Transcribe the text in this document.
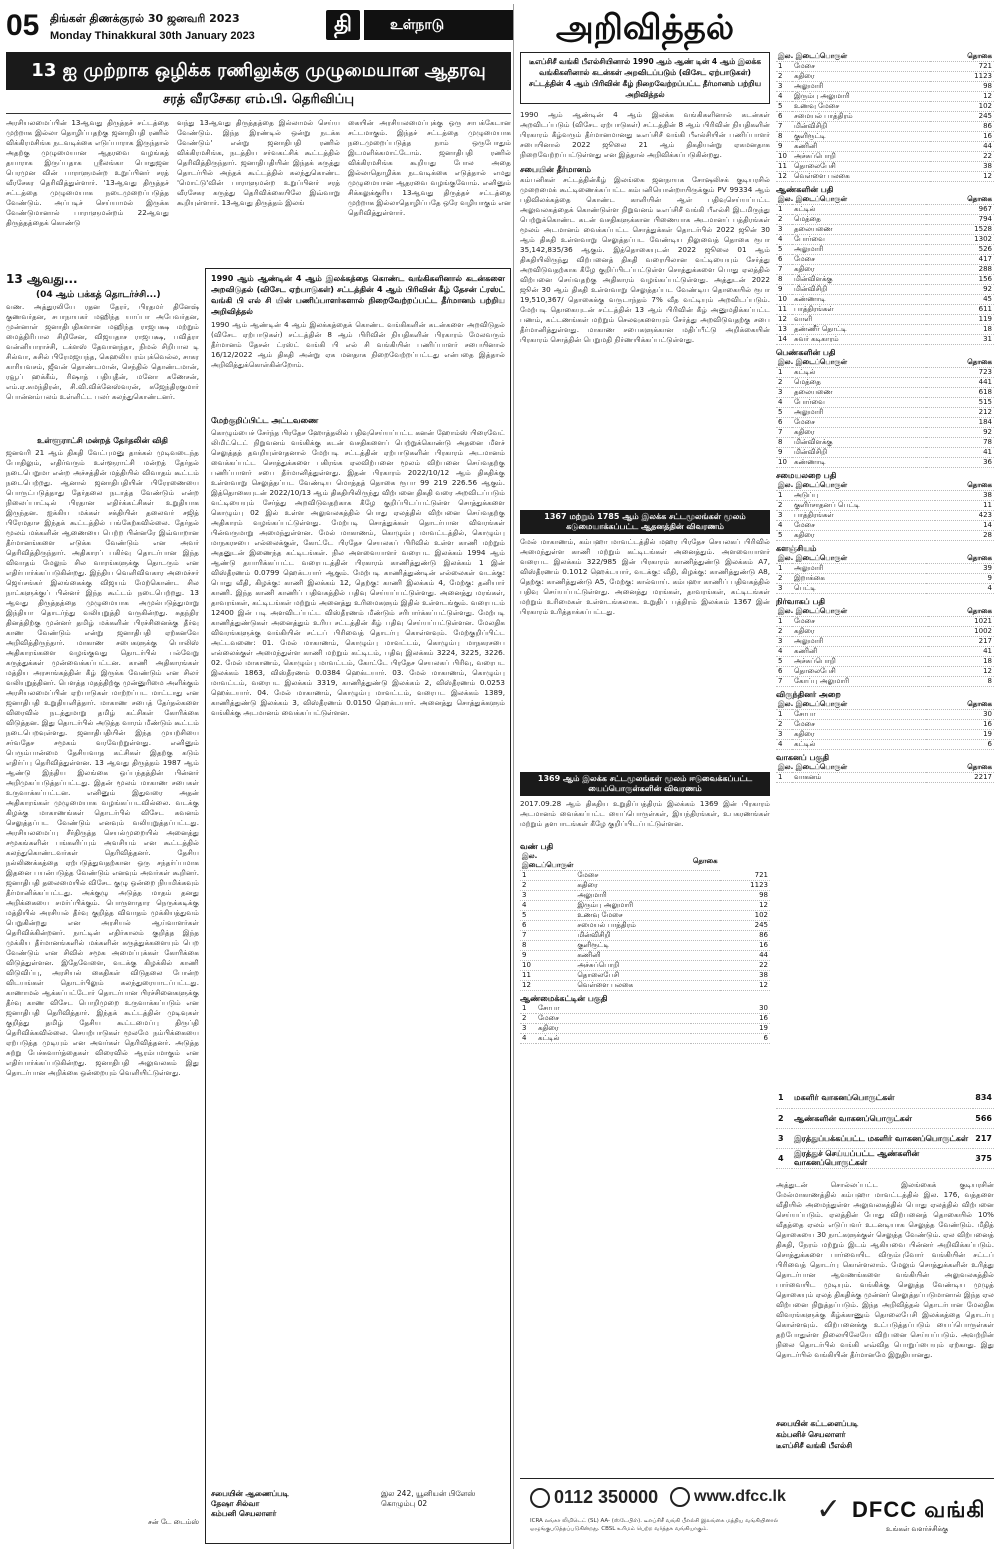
05 திங்கள் திணக்குரல் 30 ஜனவரி 2023
Monday Thinakkural 30th January 2023	தி	உள்நாடு
13 ஐ முற்றாக ஒழிக்க ரணிலுக்கு முழுமையான ஆதரவு
சரத் வீரசேகர எம்.பி. தெரிவிப்பு
அரசியலமைப்பின் 13ஆவது திருத்தச் சட்டத்தை முற்றாக இல்லா தொழிப்பதற்கு ஜனாதிபதி ரணில் விக்கிரமசிங்க நடவடிக்கை எடுப்பாராக இருந்தால் அதற்கு முழுமையான ஆதரவை வழங்கத் தயாராக இருப்பதாக ஸ்ரீலங்கா பொதுஜன பெரமுன வின் பாராளுமன்ற உறுப்பினர் சரத் வீரசேகர தெரிவித்துள்ளார். '13ஆவது திருத்தச் சட்டத்தை முழுமையாக நடைமுறைப்படுத்த வேண்டும். அப்படிச் செய்யாமல் இருக்க வேண்டுமானால் பாராளுமன்றம் 22ஆவது திருத்தத்தைக் கொண்டு
வந்து 13ஆவது திருத்தத்தை இல்லாமல் செய்ய வேண்டும். இந்த இரண்டில் ஒன்று நடக்க வேண்டும்' என்று ஜனாதிபதி ரணில் விக்கிரமசிங்க, நடத்திய சர்வகட்சிக் கூட்டத்தில் தெரிவித்திருந்தார். ஜனாதிபதியின் இந்தக் கருத்து தொடர்பில் அந்தக் கூட்டத்தில் கலந்துகொண்ட 'மொட்டு'வின் பாராளுமன்ற உறுப்பினர் சரத் வீரசேகர கருத்து தெரிவிக்கையிலே இவ்வாறு கூறியுள்ளார். 13ஆவது திருத்தம் இலங்
கையின் அரசியலமைப்புக்கு ஒரு சாபக்கேடான சட்டமாகும். இந்தச் சட்டத்தை முழுமையாக நடைமுறைப்படுத்த நாம் ஒருபோதும் இடமளிக்கமாட்டோம். ஜனாதிபதி ரணில் விக்கிரமசிங்க கூறியது போல அதை இல்லாதொழிக்க நடவடிக்கை எடுத்தால் எமது முழுமையான ஆதரவை வழங்குவோம். எனினும் சிக்கலுக்குரிய 13ஆவது திருத்தச் சட்டத்தை முற்றாக இல்லாதொழிப்பதே ஒரே வழியாகும் என தெரிவித்துள்ளார்.
13 ஆவது...
(04 ஆம் பக்கத் தொடர்ச்சி...)
வண. அத்துரலியே ரதன தேரர், பிரதமர் தினேஷ் குணவர்தன, சபாநாயகர் மஹிந்த யாப்பா அபேவர்தன, முன்னாள் ஜனாதிபதிகளான மஹிந்த ராஜபக்ஷ மற்றும் மைத்திரிபால சிறிசேன, விஜயதாச ராஜபக்ஷ, பவித்ரா வன்னியாராச்சி, டக்ளஸ் தேவானந்தா, நிமல் சிறிபால டி சில்வா, சுசில் பிரேமஜயந்த, கெஹலிய ரம்புக்வெல்ல, சாகர காரியவசம், ஜீவன் தொண்டமான், செந்தில் தொண்டமான், ரவூப் ஹக்கீம், ரிஷாத் பதியுதீன், மனோ கணேசன், எம்.ஏ.சுமந்திரன், சி.வி.விக்னேஸ்வரன், கஜேந்திரகுமார் பொன்னம்பலம் உள்ளிட்ட பலர் கலந்துகொண்டனர்.
உள்ளூராட்சி மன்றத் தேர்தலின் விதி
ஜனவரி 21 ஆம் திகதி வேட்புமனு தாக்கல் முடிவடைந்த போதிலும், எதிர்வரும் உள்ளூராட்சி மன்றத் தேர்தல் நடைபெறுமா என்ற அச்சத்தின் மத்தியில் விவாதம் கூட்டம் நடைபெற்றது. ஆனால் ஜனாதிபதியின் பிரேரணையை பொருட்படுத்தாது தேர்தலை நடாத்த வேண்டும் என்ற நிலைப்பாட்டில் பிரதான எதிர்க்கட்சிகள் உறுதியாக இருந்தன. ஐக்கிய மக்கள் சக்தியின் தலைவர் சஜித் பிரேமதாச இந்தக் கூட்டத்தில் பங்கேற்கவில்லை. தேர்தல் மூலம் மக்களின் ஆணையை பெற்ற பின்னரே இவ்வாறான தீர்மானங்களை எடுக்க வேண்டும் என அவர் தெரிவித்திருந்தார். அதிகாரப் பகிர்வு தொடர்பான இந்த விவாதம் மேலும் சில வாரங்களுக்கு தொடரும் என எதிர்பார்க்கப்படுகின்றது. இந்திய வெளிவிவகார அமைச்சர் ஜெய்சங்கர் இலங்கைக்கு விஜயம் மேற்கொண்ட சில நாட்களுக்குப் பின்னர் இந்த கூட்டம் நடைபெற்றது. 13 ஆவது திருத்தத்தை முழுமையாக அமுல்படுத்துமாறு இந்தியா தொடர்ந்து வலியுறுத்தி வருகின்றது. சுதந்திர தினத்திற்கு முன்னர் தமிழ் மக்களின் பிரச்சினைக்கு தீர்வு காண வேண்டும் என்று ஜனாதிபதி ஏற்கனவே அறிவித்திருந்தார். மாகாண சபைகளுக்கு பொலிஸ் அதிகாரங்களை வழங்குவது தொடர்பில் பல்வேறு கருத்துக்கள் முன்வைக்கப்பட்டன. காணி அதிகாரங்கள் மத்திய அரசாங்கத்தின் கீழ் இருக்க வேண்டும் என சிலர் வலியுறுத்தினர். பௌத்த மதத்திற்கு முன்னுரிமை அளிக்கும் அரசியலமைப்பின் ஏற்பாடுகள் மாற்றப்பட மாட்டாது என ஜனாதிபதி உறுதியளித்தார். மாகாண சபைத் தேர்தல்களை விரைவில் நடத்துமாறு தமிழ் கட்சிகள் கோரிக்கை விடுத்தன. இது தொடர்பில் அடுத்த வாரம் மீண்டும் கூட்டம் நடைபெறவுள்ளது. ஜனாதிபதியின் இந்த முயற்சியை சர்வதேச சமூகம் வரவேற்றுள்ளது. எனினும் பெரும்பான்மை தேசியவாத கட்சிகள் இதற்கு கடும் எதிர்ப்பு தெரிவித்துள்ளன. 13 ஆவது திருத்தம் 1987 ஆம் ஆண்டு இந்திய இலங்கை ஒப்பந்தத்தின் பின்னர் அறிமுகப்படுத்தப்பட்டது. இதன் மூலம் மாகாண சபைகள் உருவாக்கப்பட்டன. எனினும் இதுவரை அதன் அதிகாரங்கள் முழுமையாக வழங்கப்படவில்லை. வடக்கு கிழக்கு மாகாணங்கள் தொடர்பில் விசேட கவனம் செலுத்தப்பட வேண்டும் எனவும் வலியுறுத்தப்பட்டது. அரசியலமைப்பு சீர்திருத்த செயல்முறையில் அனைத்து சமூகங்களின் பங்களிப்பும் அவசியம் என கூட்டத்தில் கலந்துகொண்டவர்கள் தெரிவித்தனர். தேசிய நல்லிணக்கத்தை ஏற்படுத்துவதற்கான ஒரு சந்தர்ப்பமாக இதனை பயன்படுத்த வேண்டும் எனவும் அவர்கள் கூறினர். ஜனாதிபதி தலைமையில் விசேட குழு ஒன்றை நியமிக்கவும் தீர்மானிக்கப்பட்டது. அக்குழு அடுத்த மாதம் தனது அறிக்கையை சமர்ப்பிக்கும். பொருளாதார நெருக்கடிக்கு மத்தியில் அரசியல் தீர்வு குறித்த விவாதம் முக்கியத்துவம் பெறுகின்றது என அரசியல் ஆய்வாளர்கள் தெரிவிக்கின்றனர். நாட்டின் எதிர்காலம் குறித்த இந்த முக்கிய தீர்மானங்களில் மக்களின் கருத்துக்களையும் பெற வேண்டும் என சிவில் சமூக அமைப்புக்கள் கோரிக்கை விடுத்துள்ளன. இதேவேளை, வடக்கு கிழக்கில் காணி விடுவிப்பு, அரசியல் கைதிகள் விடுதலை போன்ற விடயங்கள் தொடர்பிலும் கலந்துரையாடப்பட்டது. காணாமல் ஆக்கப்பட்டோர் தொடர்பான பிரச்சினைகளுக்கு தீர்வு காண விசேட பொறிமுறை உருவாக்கப்படும் என ஜனாதிபதி தெரிவித்தார். இந்தக் கூட்டத்தின் முடிவுகள் குறித்து தமிழ் தேசிய கூட்டமைப்பு திருப்தி தெரிவிக்கவில்லை. செயற்பாடுகள் மூலமே நம்பிக்கையை ஏற்படுத்த முடியும் என அவர்கள் தெரிவித்தனர். அடுத்த சுற்று பேச்சுவார்த்தைகள் விரைவில் ஆரம்பமாகும் என எதிர்பார்க்கப்படுகின்றது. ஜனாதிபதி அலுவலகம் இது தொடர்பான அறிக்கை ஒன்றையும் வெளியிட்டுள்ளது.
சன் டே டைம்ஸ்
1990 ஆம் ஆண்டின் 4 ஆம் இலக்கத்தை கொண்ட வங்கிகளினால் கடன்களை அறவிடுதல் (விசேட ஏற்பாடுகள்) சட்டத்தின் 4 ஆம் பிரிவின் கீழ் தேசன் ட்ரஸ்ட் வங்கி பி எல் சி யின் பணிப்பாளர்களால் நிறைவேற்றப்பட்ட தீர்மானம் பற்றிய அறிவித்தல்
1990 ஆம் ஆண்டின் 4 ஆம் இலக்கத்தைக் கொண்ட வங்கிகளின் கடன்களை அறவிடுதல் (விசேட ஏற்பாடுகள்) சட்டத்தின் 8 ஆம் பிரிவின் நியதிகளின் பிரகாரம் மேலவரும் தீர்மானம் தேசன் ட்ரஸ்ட் வங்கி பி எல் சி வங்கியின் பணிப்பாளர் சபையினால் 16/12/2022 ஆம் திகதி அன்று ஏக மனதாக நிறைவேற்றப்பட்டது என்பதை இத்தால் அறிவித்துக்கொள்கின்றோம்.
மேற்குறிப்பிட்ட அட்டவணை
கொழும்பைச் சேர்ந்த பிரதேச ஹோத்தலில் பதிவுசெய்யப்பட்ட கனன் ஹோம்ஸ் பிரைவேட் லிமிட்டெட் நிறுவனம் வங்கிக்கு கடன் வசதிகளைப் பெற்றுக்கொண்டு அதனை மீளச் செலுத்தத் தவறியுள்ளதனால் மேற்படி சட்டத்தின் ஏற்பாடுகளின் பிரகாரம் அடமானம் வைக்கப்பட்ட சொத்துக்களை பகிரங்க ஏலவிற்பனை மூலம் விற்பனை செய்வதற்கு பணிப்பாளர் சபை தீர்மானித்துள்ளது. இதன் பிரகாரம் 2022/10/12 ஆம் திகதிக்கு உள்ளவாறு செலுத்தப்பட வேண்டிய மொத்தத் தொகை ரூபா 99 219 226.56 ஆகும். இத்தொகையுடன் 2022/10/13 ஆம் திகதியிலிருந்து விற்பனை திகதி வரை அறவிடப்படும் வட்டியையும் சேர்த்து அறவிடுவதற்காக கீழே குறிப்பிடப்பட்டுள்ள சொத்துக்களை கொழும்பு 02 இல் உள்ள அலுவலகத்தில் பொது ஏலத்தில் விற்பனை செய்வதற்கு அதிகாரம் வழங்கப்பட்டுள்ளது. மேற்படி சொத்துக்கள் தொடர்பான விவரங்கள் பின்வருமாறு அமைந்துள்ளன. மேல் மாகாணம், கொழும்பு மாவட்டத்தில், கொழும்பு மாநகரசபை எல்லைக்குள், கோட்டே பிரதேச செயலகப் பிரிவில் உள்ள காணி மற்றும் அதனுடன் இணைந்த கட்டிடங்கள். நில அளவையாளர் வரைபட இலக்கம் 1994 ஆம் ஆண்டு தயாரிக்கப்பட்ட வரைபடத்தின் பிரகாரம் காணித்துண்டு இலக்கம் 1 இன் விஸ்தீரணம் 0.0799 ஹெக்டயார் ஆகும். மேற்படி காணித்துண்டின் எல்லைகள் வடக்கு: பொது வீதி, கிழக்கு: காணி இலக்கம் 12, தெற்கு: காணி இலக்கம் 4, மேற்கு: தனியார் காணி. இந்த காணி காணிப் பதிவகத்தில் பதிவு செய்யப்பட்டுள்ளது. அனைத்து மரங்கள், தாவரங்கள், கட்டிடங்கள் மற்றும் அனைத்து உரிமைகளும் இதில் உள்ளடங்கும். வரைபடம் 12400 இன் படி அளவிடப்பட்ட விஸ்தீரணம் மீண்டும் சரிபார்க்கப்பட்டுள்ளது. மேற்படி காணித்துண்டுகள் அனைத்தும் உரிய சட்டத்தின் கீழ் பதிவு செய்யப்பட்டுள்ளன. மேலதிக விவரங்களுக்கு வங்கியின் சட்டப் பிரிவைத் தொடர்பு கொள்ளவும். மேற்குறிப்பிட்ட அட்டவணை: 01. மேல் மாகாணம், கொழும்பு மாவட்டம், கொழும்பு மாநகரசபை எல்லைக்குள் அமைந்துள்ள காணி மற்றும் கட்டிடம், பதிவு இலக்கம் 3224, 3225, 3226. 02. மேல் மாகாணம், கொழும்பு மாவட்டம், கோட்டே பிரதேச செயலகப் பிரிவு, வரைபட இலக்கம் 1863, விஸ்தீரணம் 0.0384 ஹெக்டயார். 03. மேல் மாகாணம், கொழும்பு மாவட்டம், வரைபட இலக்கம் 3319, காணித்துண்டு இலக்கம் 2, விஸ்தீரணம் 0.0253 ஹெக்டயார். 04. மேல் மாகாணம், கொழும்பு மாவட்டம், வரைபட இலக்கம் 1389, காணித்துண்டு இலக்கம் 3, விஸ்தீரணம் 0.0150 ஹெக்டயார். அனைத்து சொத்துக்களும் வங்கிக்கு அடமானம் வைக்கப்பட்டுள்ளன.
சபையின் ஆணைப்படி
தேஷா சில்வா
கம்பனி செயலாளர்
இல 242, யூனியன் பிளேஸ்
கொழும்பு 02
அறிவித்தல்
டீஎப்சிசீ வங்கி பீஎல்சியினால் 1990 ஆம் ஆண் டின் 4 ஆம் இலக்க வங்கிகளினால் கடன்கள் அறவிடப்படும் (விசேட ஏற்பாடுகள்) சட்டத்தின் 4 ஆம் பிரிவின் கீழ் நிறைவேற்றப்பட்ட தீர்மானம் பற்றிய அறிவித்தல்
1990 ஆம் ஆண்டின் 4 ஆம் இலக்க வங்கிகளினால் கடன்கள் அறவிடப்படும் (விசேட ஏற்பாடுகள்) சட்டத்தின் 8 ஆம் பிரிவின் நியதிகளின் பிரகாரம் கீழ்வரும் தீர்மானமானது டீஎப்சிசீ வங்கி பீஎல்சியின் பணிப்பாளர் சபையினால் 2022 ஜூலை 21 ஆம் திகதியன்று ஏகமனதாக நிறைவேற்றப்பட்டுள்ளது என இத்தால் அறிவிக்கப்படுகின்றது.
சபையின் தீர்மானம்
கம்பனிகள் சட்டத்தின்கீழ் இலங்கை ஜனநாயக சோஷலிசக் குடியரசில் முறைமைக் கூட்டிணைக்கப்பட்ட கம்பனியொன்றாயிருக்கும் PV 99334 ஆம் பதிவிலக்கத்தை கொண்ட காளியின் ஆள் பதிவுசெய்யப்பட்ட அலுவலகத்தைக் கொண்டுள்ள நிறுவனம் டீஎப்சிசீ வங்கி பீஎல்சி இடமிருந்து பெற்றுக்கொண்ட கடன் வசதிகளுக்கான பிணையாக அடமானப் பத்திரங்கள் மூலம் அடமானம் வைக்கப்பட்ட சொத்துக்கள் தொடர்பில் 2022 ஜூன் 30 ஆம் திகதி உள்ளவாறு செலுத்தப்பட வேண்டிய நிலுவைத் தொகை ரூபா 35,142,835/36 ஆகும். இத்தொகையுடன் 2022 ஜூலை 01 ஆம் திகதியிலிருந்து விற்பனைத் திகதி வரையிலான வட்டியையும் சேர்த்து அறவிடுவதற்காக கீழே குறிப்பிடப்பட்டுள்ள சொத்துக்களை பொது ஏலத்தில் விற்பனை செய்வதற்கு அதிகாரம் வழங்கப்பட்டுள்ளது. அத்துடன் 2022 ஜூன் 30 ஆம் திகதி உள்ளவாறு செலுத்தப்பட வேண்டிய தொகையில் ரூபா 19,510,367/ தொகைக்கு வருடாந்தம் 7% வீத வட்டியும் அறவிடப்படும். மேற்படி தொகையுடன் சட்டத்தின் 13 ஆம் பிரிவின் கீழ் அனுமதிக்கப்பட்ட பணம், கட்டணங்கள் மற்றும் செலவுகளையும் சேர்த்து அறவிடுவதற்கு சபை தீர்மானித்துள்ளது. மாகாண சபைகளுக்கான மதிப்பீட்டு அறிக்கையின் பிரகாரம் சொத்தின் பெறுமதி நிர்ணயிக்கப்பட்டுள்ளது.
1367 மற்றும் 1785 ஆம் இலக்க சட்டமூலங்கள் மூலம் கடுமையாக்கப்பட்ட ஆதனத்தின் விவரணம்
மேல் மாகாணம், கம்பஹா மாவட்டத்தில் மஹர பிரதேச செயலகப் பிரிவில் அமைந்துள்ள காணி மற்றும் கட்டிடங்கள் அனைத்தும். அளவையாளர் வரைபட இலக்கம் 322/985 இன் பிரகாரம் காணித்துண்டு இலக்கம் A7, விஸ்தீரணம் 0.1012 ஹெக்டயார், வடக்கு: வீதி, கிழக்கு: காணித்துண்டு A8, தெற்கு: காணித்துண்டு A5, மேற்கு: கால்வாய். கம்பஹா காணிப் பதிவகத்தில் பதிவு செய்யப்பட்டுள்ளது. அனைத்து மரங்கள், தாவரங்கள், கட்டிடங்கள் மற்றும் உரிமைகள் உள்ளடங்கலாக. உறுதிப் பத்திரம் இலக்கம் 1367 இன் பிரகாரம் உரித்தாக்கப்பட்டது.
1369 ஆம் இலக்க சட்டமூலங்கள் மூலம் ஈடுவைக்கப்பட்ட யைப்பொருள்களின் விவரணம்
2017.09.28 ஆம் திகதிய உறுதிப்பத்திரம் இலக்கம் 1369 இன் பிரகாரம் அடமானம் வைக்கப்பட்ட யைப்பொருள்கள், இயந்திரங்கள், உபகரணங்கள் மற்றும் தளபாடங்கள் கீழே குறிப்பிடப்பட்டுள்ளன.
வண் பதி
இல. இடைப்பொருள்	தொகை	
1	மேசை	721
2	கதிரை	1123
3	அலுமாரி	98
4	இரும்பு அலுமாரி	12
5	உணவு மேசை	102
6	சமையல் பாத்திரம்	245
7	மின்விசிறி	86
8	குளிரூட்டி	16
9	கணினி	44
10	அச்சுப்பொறி	22
11	தொலைபேசி	38
12	வெள்ளை பலகை	12
ஆண்மைக்கட்டின் பகுதி
1	சோபா	30
2	மேசை	16
3	கதிரை	19
4	கட்டில்	6
இல. இடைப்பொருள்		தொகை
1	மேசை	721
2	கதிரை	1123
3	அலுமாரி	98
4	இரும்பு அலுமாரி	12
5	உணவு மேசை	102
6	சமையல் பாத்திரம்	245
7	மின்விசிறி	86
8	குளிரூட்டி	16
9	கணினி	44
10	அச்சுப்பொறி	22
11	தொலைபேசி	38
12	வெள்ளை பலகை	12
ஆண்களின் பதி
இல. இடைப்பொருள்		தொகை
1	கட்டில்	967
2	மெத்தை	794
3	தலையணை	1528
4	போர்வை	1302
5	அலுமாரி	526
6	மேசை	417
7	கதிரை	288
8	மின்விளக்கு	156
9	மின்விசிறி	92
10	கண்ணாடி	45
11	பாத்திரங்கள்	611
12	வாளி	119
13	தண்ணீர் தொட்டி	18
14	சுவர் கடிகாரம்	31
பெண்களின் பதி
இல. இடைப்பொருள்		தொகை
1	கட்டில்	723
2	மெத்தை	441
3	தலையணை	618
4	போர்வை	515
5	அலுமாரி	212
6	மேசை	184
7	கதிரை	92
8	மின்விளக்கு	78
9	மின்விசிறி	41
10	கண்ணாடி	36
சமையலறை பதி
இல. இடைப்பொருள்		தொகை
1	அடுப்பு	38
2	குளிர்சாதனப் பெட்டி	11
3	பாத்திரங்கள்	423
4	மேசை	14
5	கதிரை	28
களஞ்சியம்
இல. இடைப்பொருள்		தொகை
1	அலுமாரி	39
2	இறாக்கை	9
3	பெட்டி	4
நிர்வாகப் பதி
இல. இடைப்பொருள்		தொகை
1	மேசை	1021
2	கதிரை	1002
3	அலுமாரி	217
4	கணினி	41
5	அச்சுப்பொறி	18
6	தொலைபேசி	12
7	கோப்பு அலுமாரி	8
விருந்தினர் அறை
இல. இடைப்பொருள்		தொகை
1	சோபா	30
2	மேசை	16
3	கதிரை	19
4	கட்டில்	6
வாகனப் பகுதி
இல. இடைப்பொருள்		தொகை
1	வாகனம்	2217
1	மகளிர் வாகனப்பொருட்கள்	834
2	ஆண்களின் வாகனப்பொருட்கள்	566
3	இரத்துப்பக்கப்பட்ட மகளிர் வாகனப்பொருட்கள்	217
4	இரத்துச் செய்யப்பட்ட ஆண்களின் வாகனப்பொருட்கள்	375
அத்துடன் சொல்லப்பட்ட இலங்கைக் குடியரசின் மேல்மாகாணத்தில் கம்பஹா மாவட்டத்தில் இல. 176, வத்தளை வீதியில் அமைந்துள்ள அலுவலகத்தில் பொது ஏலத்தில் விற்பனை செய்யப்படும். ஏலத்தின் போது விற்பனைத் தொகையில் 10% வீதத்தை ஏலம் எடுப்பவர் உடனடியாக செலுத்த வேண்டும். மீதித் தொகையை 30 நாட்களுக்குள் செலுத்த வேண்டும். ஏல விற்பனைத் திகதி, நேரம் மற்றும் இடம் ஆகியவை பின்னர் அறிவிக்கப்படும். சொத்துக்களை பார்வையிட விரும்புவோர் வங்கியின் சட்டப் பிரிவைத் தொடர்பு கொள்ளலாம். மேலும் சொத்துக்களின் உரித்து தொடர்பான ஆவணங்களை வங்கியின் அலுவலகத்தில் பார்வையிட முடியும். வங்கிக்கு செலுத்த வேண்டிய முழுத் தொகையும் ஏலத் திகதிக்கு முன்னர் செலுத்தப்படுமானால் இந்த ஏல விற்பனை நிறுத்தப்படும். இந்த அறிவித்தல் தொடர்பான மேலதிக விவரங்களுக்கு கீழ்க்காணும் தொலைபேசி இலக்கத்தை தொடர்பு கொள்ளவும். விற்பனைக்கு உட்படுத்தப்படும் யைப்பொருள்கள் தற்போதுள்ள நிலையிலேயே விற்பனை செய்யப்படும். அவற்றின் நிலை தொடர்பில் வங்கி எவ்வித பொறுப்பையும் ஏற்காது. இது தொடர்பில் வங்கியின் தீர்மானமே இறுதியானது.
சபையின் கட்டளைப்படி
கம்பனிச் செயலாளர்
டீஎப்சிசீ வங்கி பீஎல்சி
0112 350000	www.dfcc.lk
ICRA லங்கா லிமிடெட் (SL) AA- (ஸ்டேபிள்). டீஎப்சிசீ வங்கி பீஎல்சி இலங்கை மத்திய வங்கியினால் ஒழுங்குபடுத்தப்படுகின்றது. CBSL உரிமம் பெற்ற வர்த்தக வங்கியாகும்.
✓ DFCC வங்கி
உங்கள் வளர்ச்சிக்கு
